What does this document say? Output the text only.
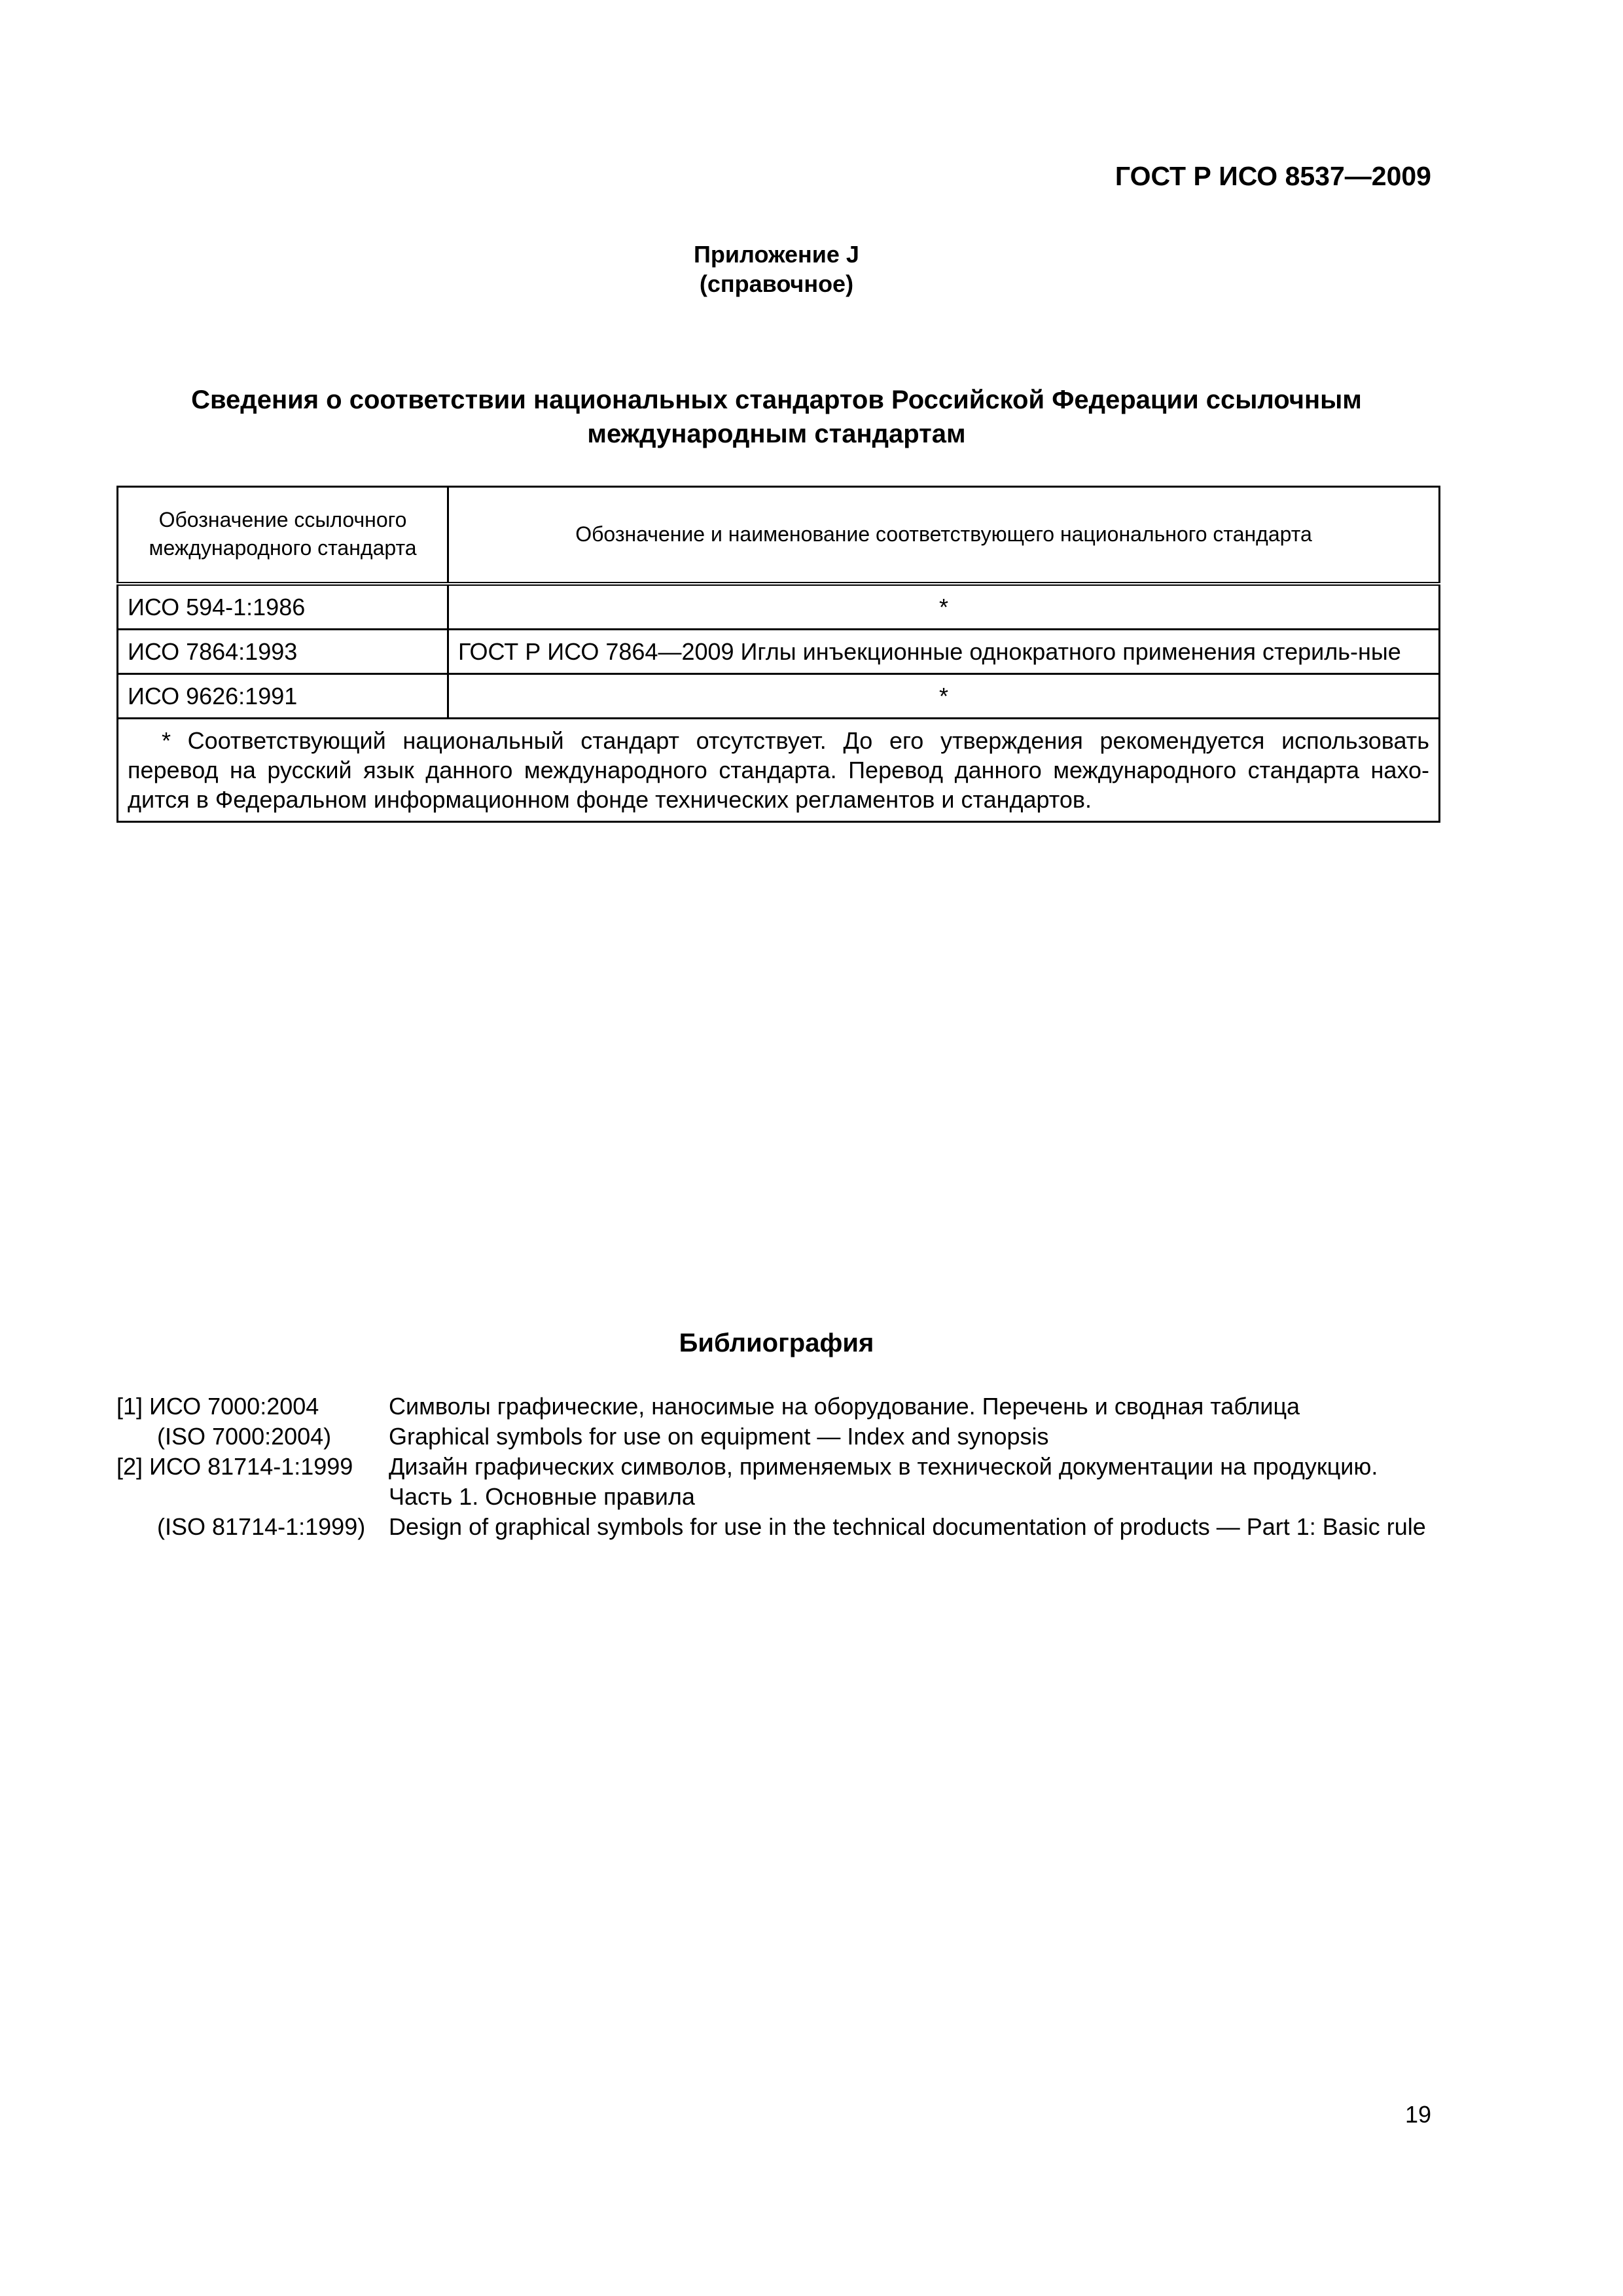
ГОСТ Р ИСО 8537—2009
Приложение J
(справочное)
Сведения о соответствии национальных стандартов Российской Федерации ссылочным международным стандартам
Обозначение ссылочного международного стандарта	Обозначение и наименование соответствующего национального стандарта
ИСО 594-1:1986	*
ИСО 7864:1993	ГОСТ Р ИСО 7864—2009 Иглы инъекционные однократного применения стериль-ные
ИСО 9626:1991	*

* Соответствующий национальный стандарт отсутствует. До его утверждения рекомендуется использовать перевод на русский язык данного международного стандарта. Перевод данного международного стандарта нахо-дится в Федеральном информационном фонде технических регламентов и стандартов.	
Библиография
[1] ИСО 7000:2004	Символы графические, наносимые на оборудование. Перечень и сводная таблица
(ISO 7000:2004)	Graphical symbols for use on equipment — Index and synopsis
[2] ИСО 81714-1:1999	Дизайн графических символов, применяемых в технической документации на продукцию. Часть 1. Основные правила
(ISO 81714-1:1999) Design of graphical symbols for use in the technical documentation of products — Part 1: Basic rule
19
